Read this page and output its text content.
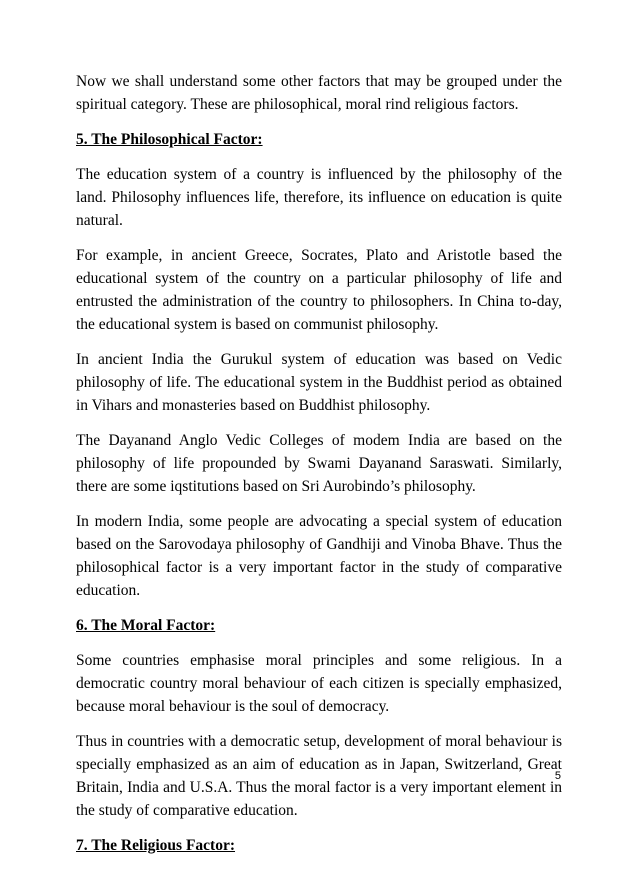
Now we shall understand some other factors that may be grouped under the spiritual category. These are philosophical, moral rind religious factors.

5. The Philosophical Factor:

The education system of a country is influenced by the philosophy of the land. Philosophy influences life, therefore, its influence on education is quite natural.

For example, in ancient Greece, Socrates, Plato and Aristotle based the educational system of the country on a particular philosophy of life and entrusted the administration of the country to philosophers. In China to-day, the educational system is based on communist philosophy.

In ancient India the Gurukul system of education was based on Vedic philosophy of life. The educational system in the Buddhist period as obtained in Vihars and monasteries based on Buddhist philosophy.

The Dayanand Anglo Vedic Colleges of modem India are based on the philosophy of life propounded by Swami Dayanand Saraswati. Similarly, there are some iqstitutions based on Sri Aurobindo’s philosophy.

In modern India, some people are advocating a special system of education based on the Sarovodaya philosophy of Gandhiji and Vinoba Bhave. Thus the philosophical factor is a very important factor in the study of comparative education.

6. The Moral Factor:

Some countries emphasise moral principles and some religious. In a democratic country moral behaviour of each citizen is specially emphasized, because moral behaviour is the soul of democracy.

Thus in countries with a democratic setup, development of moral behaviour is specially emphasized as an aim of education as in Japan, Switzerland, Great Britain, India and U.S.A. Thus the moral factor is a very important element in the study of comparative education.

7. The Religious Factor:

5
